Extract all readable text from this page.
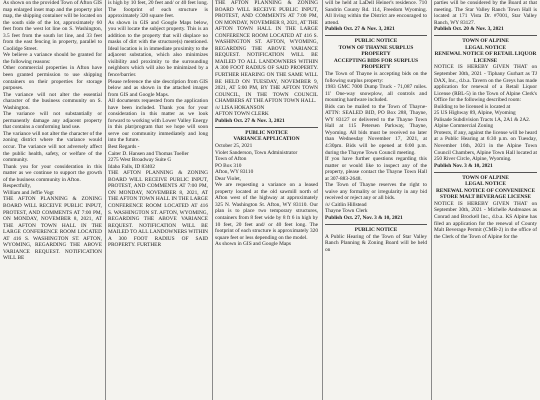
As shown on the provided Town of Afton GIS map enlarged inset map and the property plot map, the shipping container will be located on the south side of the lot, approximately 60 feet from the west lot line on S. Washington, 3.5 feet from the south lot line, and 33 feet from the east fencing in property, parallel to Coolidge Street.

We believe a variance should be granted for the following reasons:

Other commercial properties in Afton have been granted permission to use shipping containers on their properties for storage purposes.

The variance will not alter the essential character of the business community on S. Washington.

The variance will not substantially or permanently damage any adjacent property that contains a conforming land use.

The variance will not alter the character of the zoning district where the variance would occur. The variance will not adversely affect the public health, safety, or welfare of the community.

Thank you for your consideration in this matter as we continue to support the growth of the business community in Afton.

Respectfully,

William and Jeffie Vogt

THE AFTON PLANNING & ZONING BOARD WILL RECEIVE PUBLIC INPUT, PROTEST, AND COMMENTS AT 7:00 PM, ON MONDAY, NOVEMBER 8, 2021, AT THE AFTON TOWN HALL IN THE LARGE CONFERENCE ROOM LOCATED AT 416 S. WASHINGTON ST. AFTON, WYOMING, REGARDING THE ABOVE VARIANCE REQUEST. NOTIFICATION WILL BE

is high by 10 feet, 20 feet and/ or 40 feet long. The footprint of each structure is approximately 320 square feet.

As shown in GIS and Google Maps below, you will locate the subject property. This is an addition to the property that will displace no masks of dirt with the structure(s) mentioned. Ideal location is in immediate proximity to the adjacent substation, which also minimizes visibility and proximity to the surrounding neighbors which will also be minimized by a fence/barrier.

Please reference the site description from GIS below and as shown in the attached images from GIS and Google Maps.

All documents requested from the application have been included. Thank you for your consideration in this matter as we look forward to working with Lower Valley Energy in this plat/program that we hope will soon serve our community immediately and long into the future.

Best Regards -

Caiter D. Hansen and Thomas Toeller

2275 West Broadway Suite G

Idaho Falls, ID 83402

THE AFTON PLANNING & ZONING BOARD WILL RECEIVE PUBLIC INPUT, PROTEST, AND COMMENTS AT 7:00 PM, ON MONDAY, NOVEMBER 8, 2021, AT THE AFTON TOWN HALL IN THE LARGE CONFERENCE ROOM LOCATED AT 416 S. WASHINGTON ST. AFTON, WYOMING, REGARDING THE ABOVE VARIANCE REQUEST. NOTIFICATION WILL BE MAILED TO ALL LANDOWNERS WITHIN A 300 FOOT RADIUS OF SAID PROPERTY. FURTHER

THE AFTON PLANNING & ZONING BOARD WILL RECEIVE PUBLIC INPUT, PROTEST, AND COMMENTS AT 7:00 PM, ON MONDAY, NOVEMBER 8, 2021, AT THE AFTON TOWN HALL IN THE LARGE CONFERENCE ROOM LOCATED AT 416 S. WASHINGTON ST. AFTON, WYOMING, REGARDING THE ABOVE VARIANCE REQUEST. NOTIFICATION WILL BE MAILED TO ALL LANDOWNERS WITHIN A 300 FOOT RADIUS OF SAID PROPERTY. FURTHER HEARING ON THE SAME WILL BE HELD ON TUESDAY, NOVEMBER 9, 2021, AT 5:00 PM, BY THE AFTON TOWN COUNCIL, IN THE TOWN COUNCIL CHAMBERS AT THE AFTON TOWN HALL.

/s/ LISA HOKANSON

AFTON TOWN CLERK

Publish Oct. 27 & Nov. 3, 2021

PUBLIC NOTICE

VARIANCE APPLICATION

October 25, 2021

Violet Sanderson, Town Administrator

Town of Afton

PO Box 310

Afton, WY 83110

Dear Violet,

We are requesting a variance on a leased property located at the old sawmill north of Afton west of the highway at approximately 325 N. Washington St. Afton, WY 83110. Our plan is to place two temporary structures, containers from 8 feet wide by 8 ft 6 in high by 10 feet, 20 feet and/ or 40 feet long. The footprint of each structure is approximately 320 square feet or less depending on the model.

As shown in GIS and Google Maps

will be held at LaDell Heiner's residence. 710 Sandrin County Rd. 114, Freedom Wyoming. All living within the District are encouraged to attend.

Publish Oct. 27 & Nov. 3, 2021

PUBLIC NOTICE

TOWN OF THAYNE SURPLUS PROPERTY

ACCEPTING BIDS FOR SURPLUS PROPERTY

The Town of Thayne is accepting bids on the following surplus property:

1983 GMC 7000 Dump Truck - 71,087 miles. 11' One-way snowplow, all controls and mounting hardware included.

Bids can be mailed to the Town of Thayne-ATTN: SEALED BID, PO Box 288, Thayne, WY 83127 or delivered to the Thayne Town Hall at 115 Petersen Parkway, Thayne, Wyoming. All bids must be received no later than Wednesday November 17, 2021, at 4:30pm. Bids will be opened at 6:00 p.m. during the Thayne Town Council meeting.

If you have further questions regarding this matter or would like to inspect any of the property, please contact the Thayne Town Hall at 307-883-2648.

The Town of Thayne reserves the right to waive any formality or irregularity in any bid received or reject any or all bids.

/s/ Caitlin Hillstead

Thayne Town Clerk

Publish Oct. 27, Nov. 3 & 10, 2021

PUBLIC NOTICE

A Public Hearing of the Town of Star Valley Ranch Planning & Zoning Board will be held on

parties will be considered by the Board at that meeting. The Star Valley Ranch Town Hall is located at 171 Vista Dr. #7001, Star Valley Ranch, WY 83127.

Publish Oct. 20 & Nov. 3, 2021

TOWN OF ALPINE

LEGAL NOTICE

RENEWAL NOTICE OF RETAIL LIQUOR LICENSE

NOTICE IS HEREBY GIVEN THAT on September 30th, 2021 - Tiphany Gurhart as TJ DAX, Inc., d.b.a. Tavern on the Greys has made application for renewal of a Retail Liquor License (RBL-5) in the Town of Alpine Clerk's Office for the following described room:

Building to be licensed is located at

25 US Highway 89, Alpine, Wyoming

Palisade Subdivision Tracts 1A, 2A1 & 2A2.

Alpine Commercial Zoning

Protests, if any, against the license will be heard at a Public Hearing at 6:30 p.m. on Tuesday, November 16th, 2021 in the Alpine Town Council Chambers, Alpine Town Hall located at 250 River Circle, Alpine, Wyoming.

Publish Nov. 3 & 10, 2021

TOWN OF ALPINE

LEGAL NOTICE

RENEWAL NOTICE OF CONVENIENCE STORE MALT BEVERAGE LICENSE

NOTICE IS HEREBY GIVEN THAT on September 30th, 2021 - Michelle Andreazes as Conrad and Brockell Inc., d.b.a. KS Alpine has filed an application for the renewal of County Malt Beverage Permit (CMB-2) in the office of the Clerk of the Town of Alpine for the
